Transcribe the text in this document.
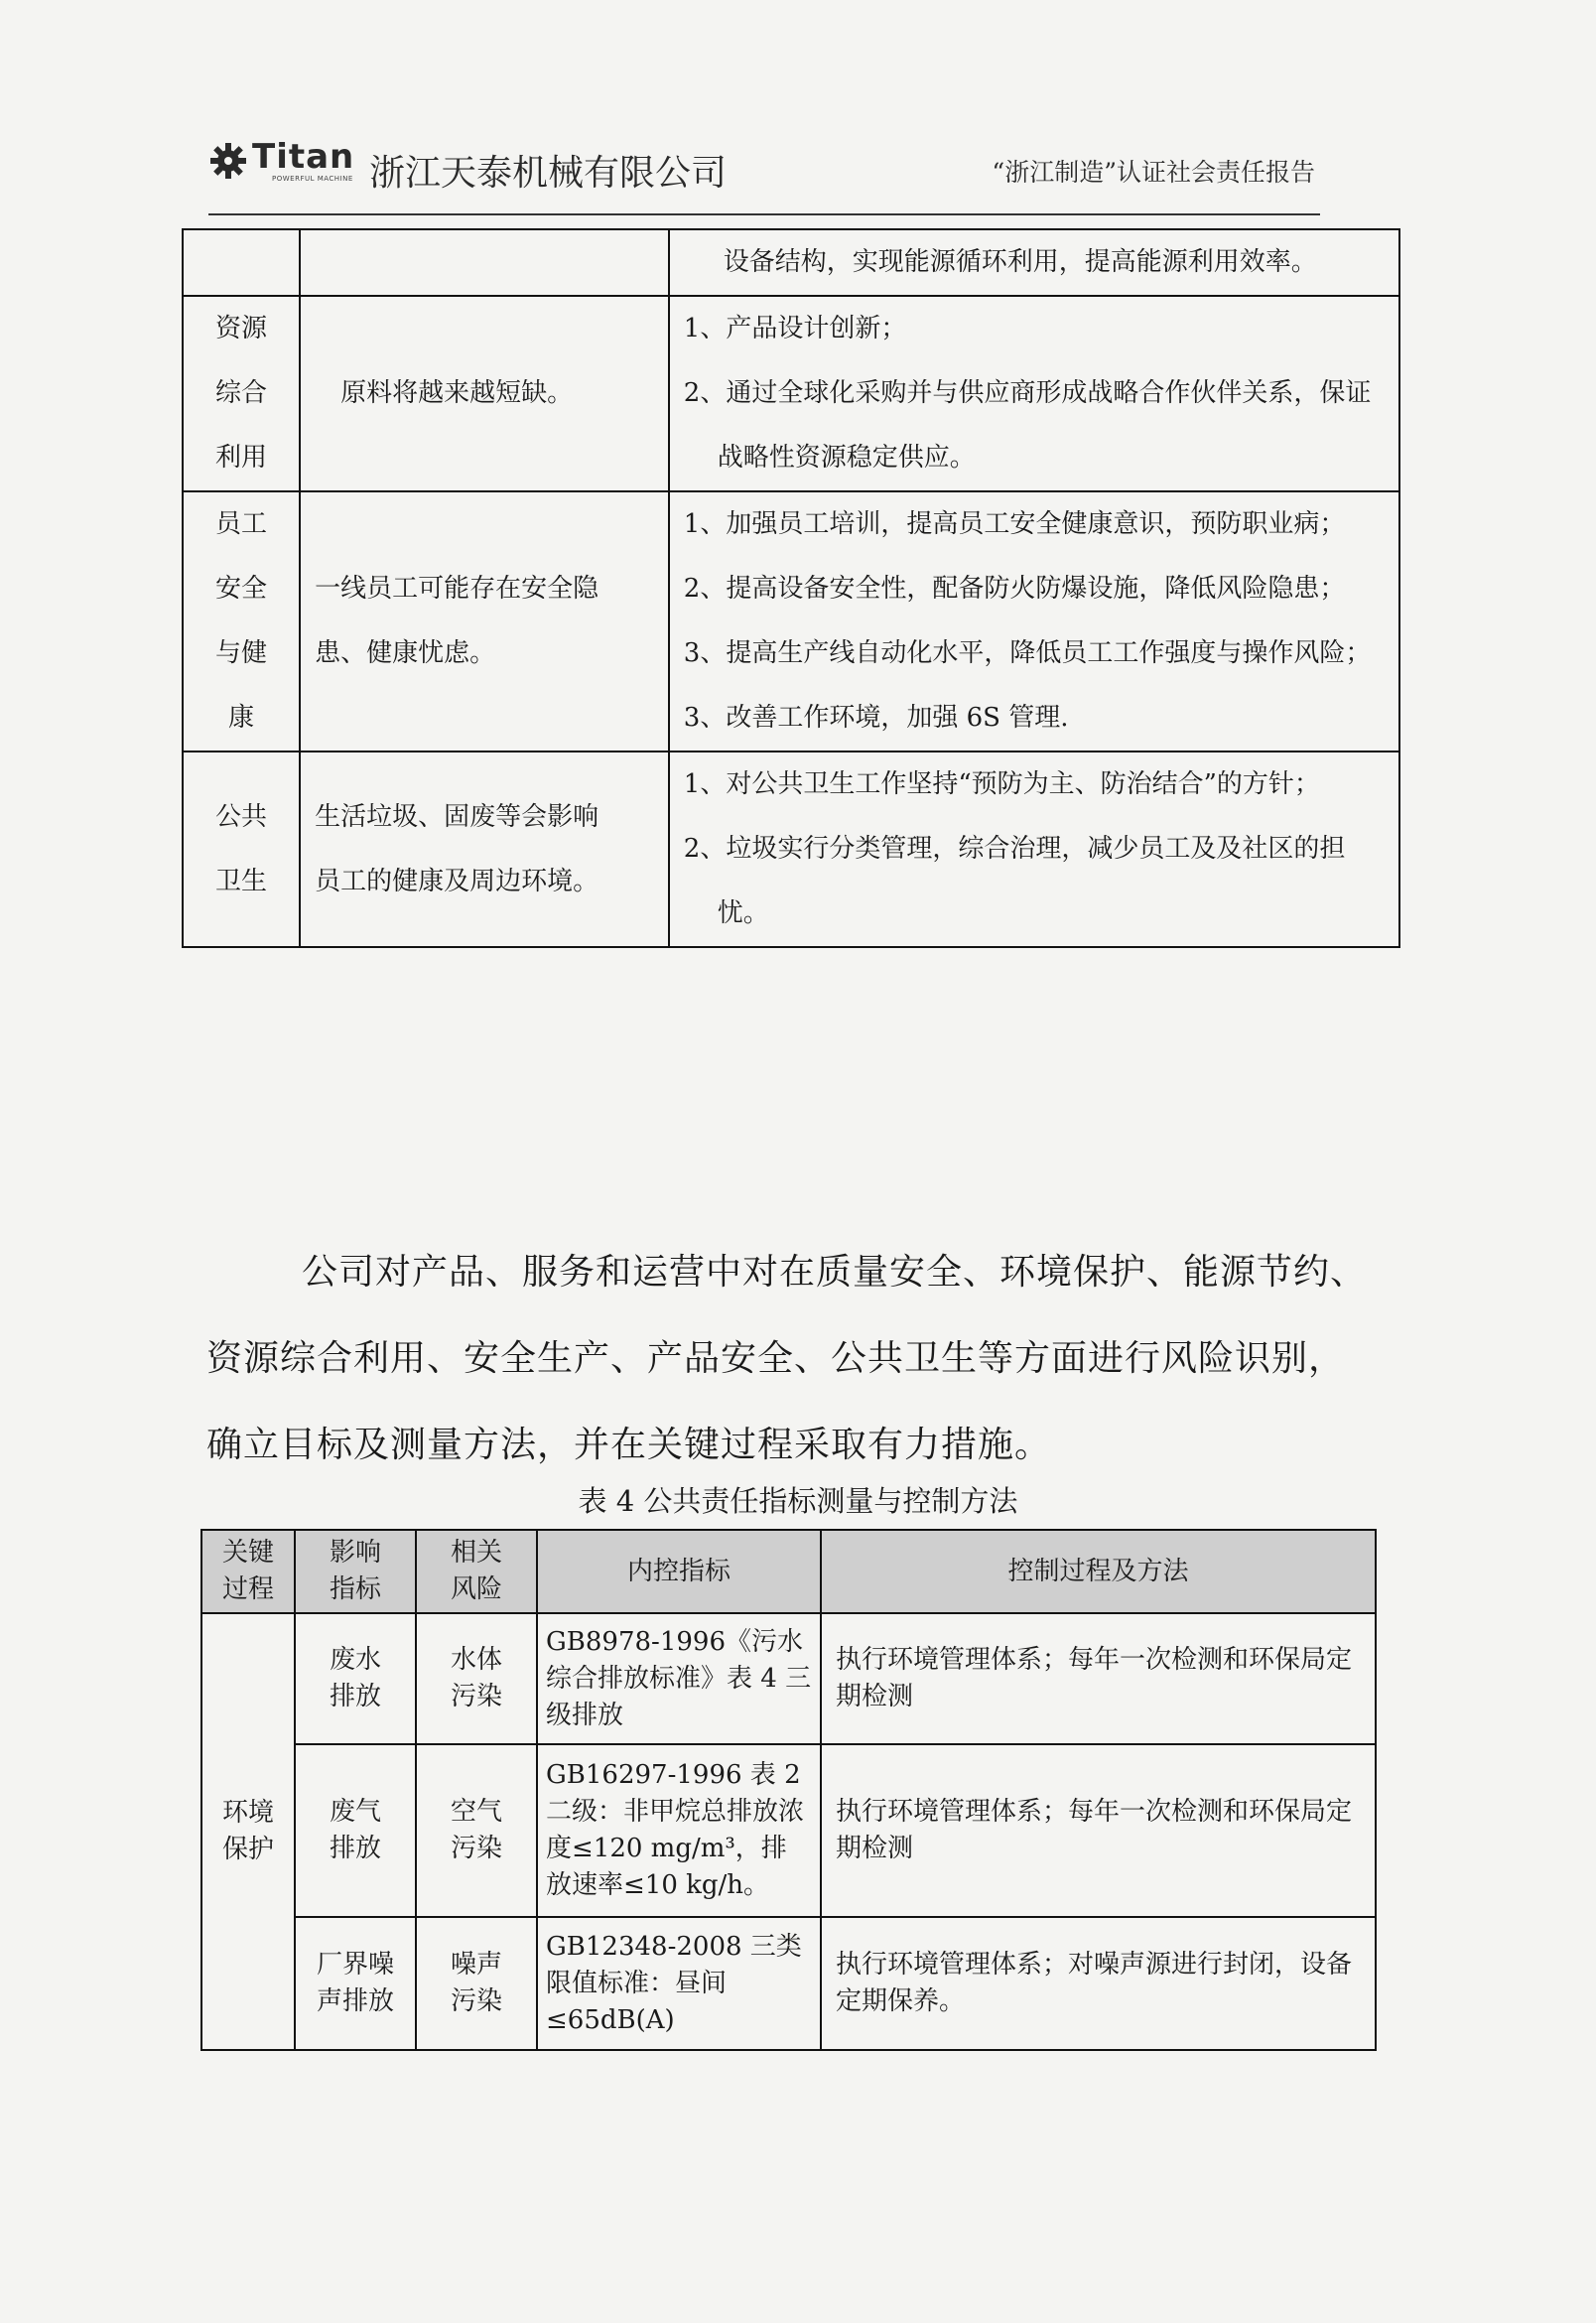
Titan
POWERFUL MACHINE 浙江天泰机械有限公司	“浙江制造”认证社会责任报告

		设备结构，实现能源循环利用，提高能源利用效率。

资源综合利用	原料将越来越短缺。	1、产品设计创新；
2、通过全球化采购并与供应商形成战略合作伙伴关系，保证战略性资源稳定供应。

员工安全与健康	一线员工可能存在安全隐患、健康忧虑。	1、加强员工培训，提高员工安全健康意识，预防职业病；
2、提高设备安全性，配备防火防爆设施，降低风险隐患；
3、提高生产线自动化水平，降低员工工作强度与操作风险；
3、改善工作环境，加强 6S 管理.

公共卫生	生活垃圾、固废等会影响员工的健康及周边环境。	1、对公共卫生工作坚持“预防为主、防治结合”的方针；
2、垃圾实行分类管理，综合治理，减少员工及及社区的担忧。
公司对产品、服务和运营中对在质量安全、环境保护、能源节约、资源综合利用、安全生产、产品安全、公共卫生等方面进行风险识别，确立目标及测量方法，并在关键过程采取有力措施。
表 4 公共责任指标测量与控制方法
关键过程	影响指标	相关风险	内控指标	控制过程及方法

环境保护	废水排放	水体污染	GB8978-1996《污水综合排放标准》表 4 三级排放	执行环境管理体系；每年一次检测和环保局定期检测

	废气排放	空气污染	GB16297-1996 表 2 二级：非甲烷总排放浓度≤120 mg/m³，排放速率≤10 kg/h。	执行环境管理体系；每年一次检测和环保局定期检测

	厂界噪声排放	噪声污染	GB12348-2008 三类限值标准：昼间≤65dB(A)	执行环境管理体系；对噪声源进行封闭，设备定期保养。
